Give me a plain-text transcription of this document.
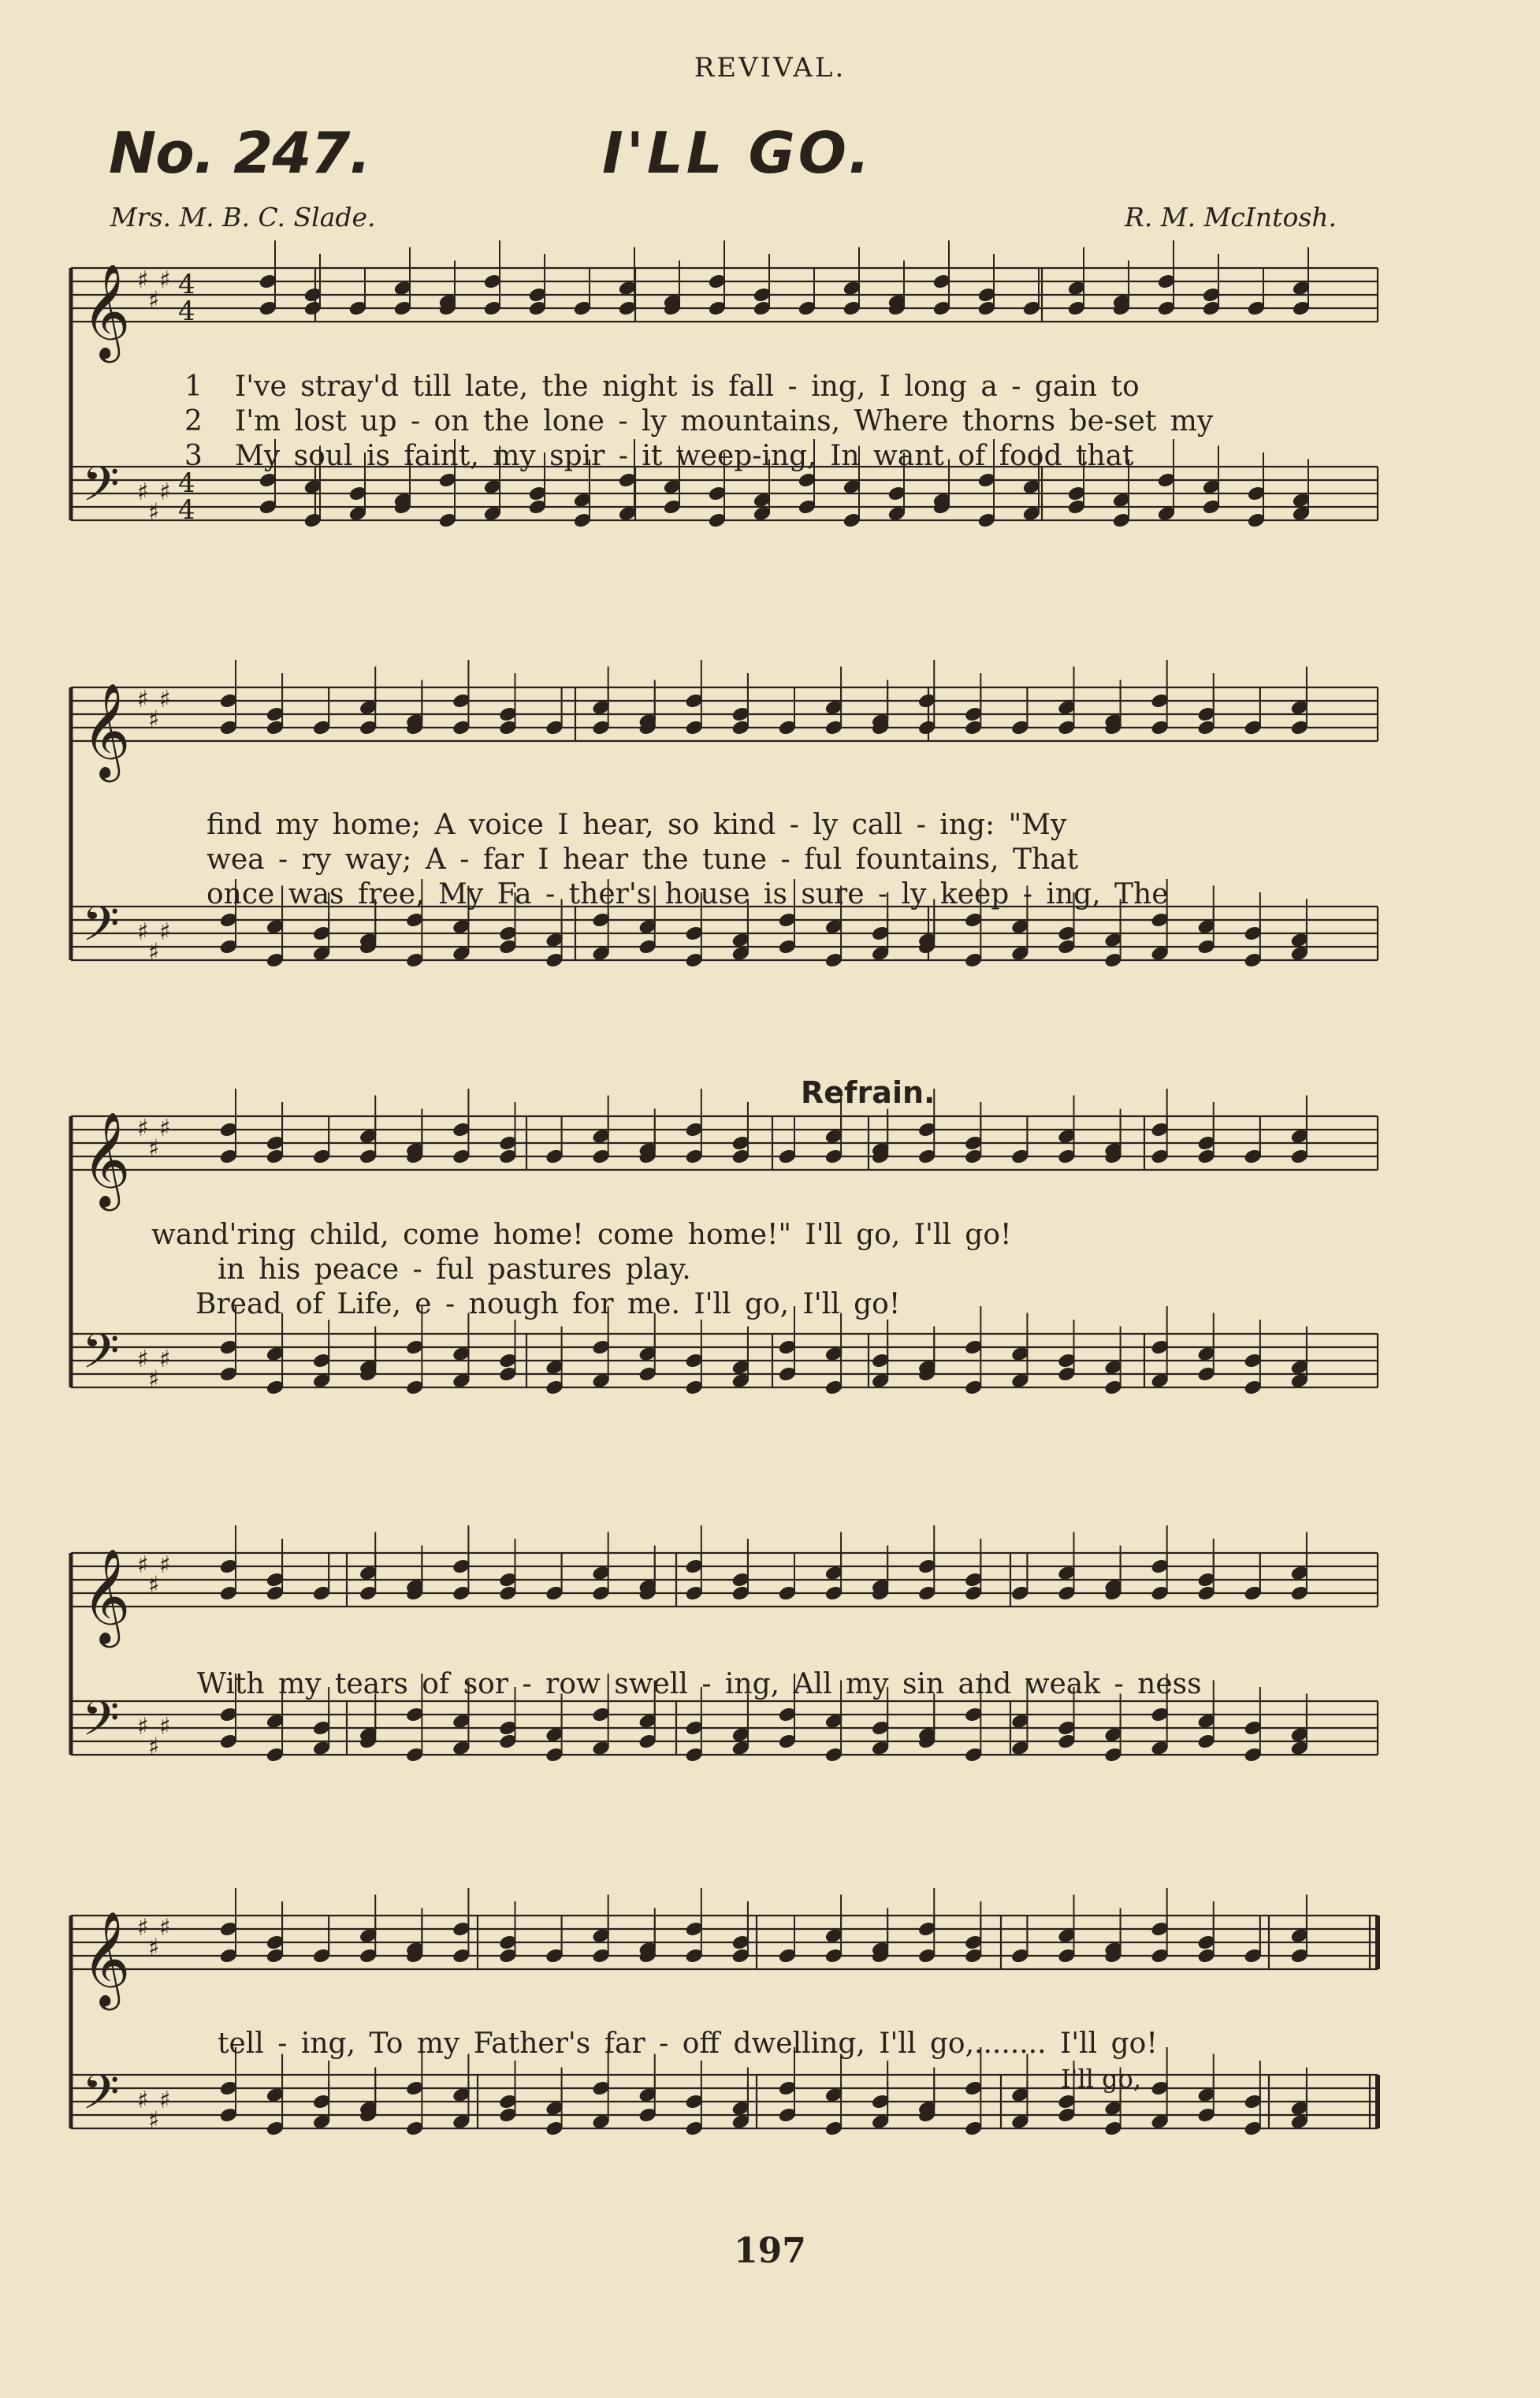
REVIVAL.
No. 247.	I'LL GO.
Mrs. M. B. C. Slade.	R. M. McIntosh.
𝄞
𝄢
♯
♯
♯
♯
♯
♯
4
4
4
4
𝄞
𝄢
♯
♯
♯
♯
♯
♯
𝄞
𝄢
♯
♯
♯
♯
♯
♯
𝄞
𝄢
♯
♯
♯
♯
♯
♯
𝄞
𝄢
♯
♯
♯
♯
♯
♯
1
2
3
I've stray'd till late, the night is fall - ing, I long a - gain to
I'm lost up - on the lone - ly mountains, Where thorns be-set my
My soul is faint, my spir - it weep-ing, In want of food that
find my home; A voice I hear, so kind - ly call - ing: "My
wea - ry way; A - far I hear the tune - ful fountains, That
once was free, My Fa - ther's house is sure - ly keep - ing, The
Refrain.
wand'ring child, come home! come home!" I'll go, I'll go!
in his peace - ful pastures play.
Bread of Life, e - nough for me. I'll go, I'll go!
With my tears of sor - row swell - ing, All my sin and weak - ness
tell - ing, To my Father's far - off dwelling, I'll go,........ I'll go!
I'll go,
197
